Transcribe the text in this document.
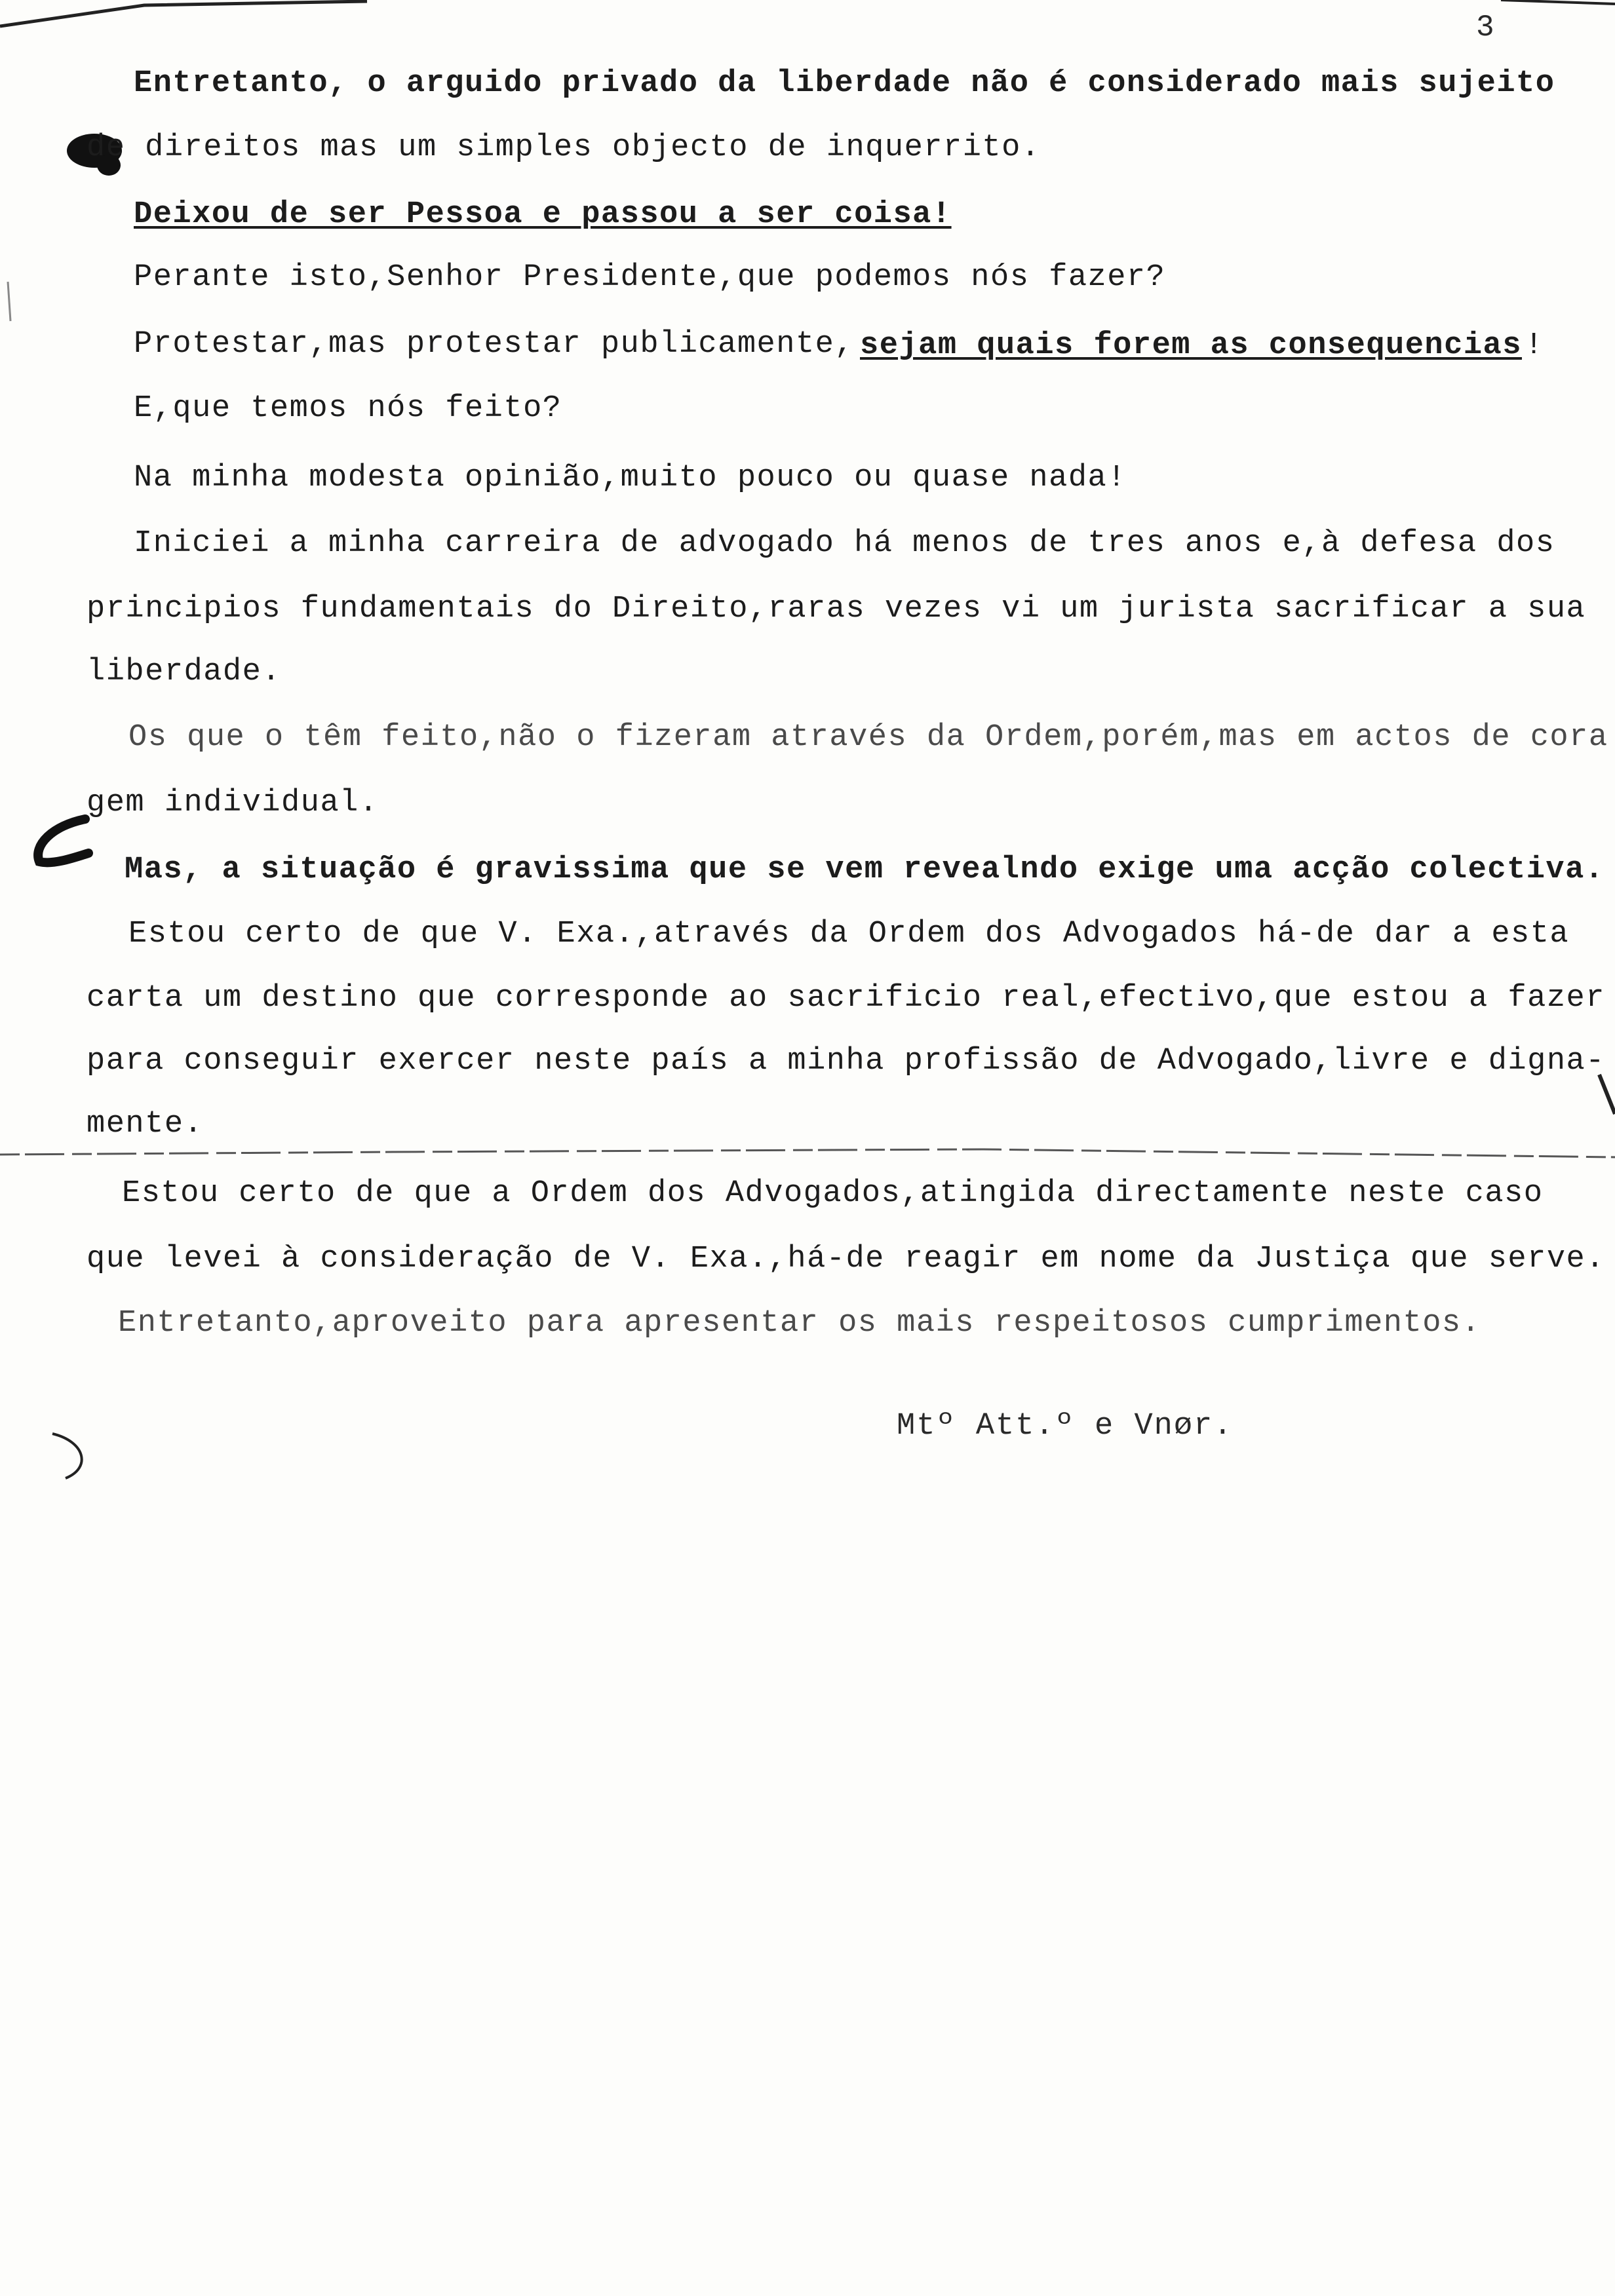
3
Entretanto, o arguido privado da liberdade não é considerado mais sujeito
de direitos mas um simples objecto de inquerrito.
Deixou de ser Pessoa e passou a ser coisa!
Perante isto,Senhor Presidente,que podemos nós fazer?
Protestar,mas protestar publicamente, sejam quais forem as consequencias !
E,que temos nós feito?
Na minha modesta opinião,muito pouco ou quase nada!
Iniciei a minha carreira de advogado há menos de tres anos e,à defesa dos
principios fundamentais do Direito,raras vezes vi um jurista sacrificar a sua
liberdade.
Os que o têm feito,não o fizeram através da Ordem,porém,mas em actos de cora
gem individual.
Mas, a situação é gravissima que se vem revealndo exige uma acção colectiva.
Estou certo de que V. Exa.,através da Ordem dos Advogados há-de dar a esta
carta um destino que corresponde ao sacrificio real,efectivo,que estou a fazer
para conseguir exercer neste país a minha profissão de Advogado,livre e digna-
mente.
Estou certo de que a Ordem dos Advogados,atingida directamente neste caso
que levei à consideração de V. Exa.,há-de reagir em nome da Justiça que serve.
Entretanto,aproveito para apresentar os mais respeitosos cumprimentos.
Mtº Att.º e Vnør.
